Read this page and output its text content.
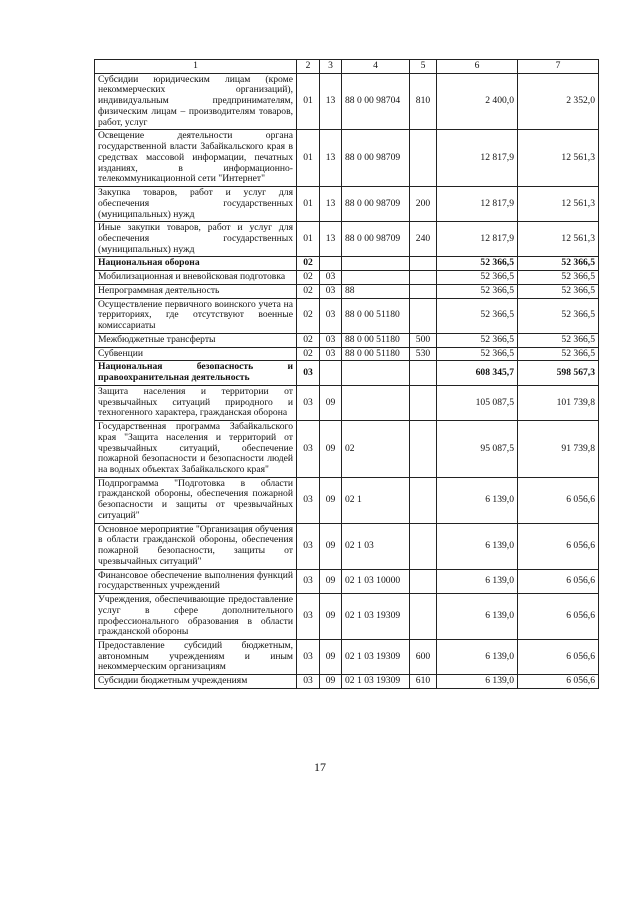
1	2	3	4	5	6	7
Субсидии юридическим лицам (кроме некоммерческих организаций), индивидуальным предпринимателям, физическим лицам – производителям товаров, работ, услуг	01	13	88 0 00 98704	810	2 400,0	2 352,0
Освещение деятельности органа государственной власти Забайкальского края в средствах массовой информации, печатных изданиях, в информационно-телекоммуникационной сети "Интернет"	01	13	88 0 00 98709		12 817,9	12 561,3
Закупка товаров, работ и услуг для обеспечения государственных (муниципальных) нужд	01	13	88 0 00 98709	200	12 817,9	12 561,3
Иные закупки товаров, работ и услуг для обеспечения государственных (муниципальных) нужд	01	13	88 0 00 98709	240	12 817,9	12 561,3
Национальная оборона	02				52 366,5	52 366,5
Мобилизационная и вневойсковая подготовка	02	03			52 366,5	52 366,5
Непрограммная деятельность	02	03	88		52 366,5	52 366,5
Осуществление первичного воинского учета на территориях, где отсутствуют военные комиссариаты	02	03	88 0 00 51180		52 366,5	52 366,5
Межбюджетные трансферты	02	03	88 0 00 51180	500	52 366,5	52 366,5
Субвенции	02	03	88 0 00 51180	530	52 366,5	52 366,5
Национальная безопасность и правоохранительная деятельность	03				608 345,7	598 567,3
Защита населения и территории от чрезвычайных ситуаций природного и техногенного характера, гражданская оборона	03	09			105 087,5	101 739,8
Государственная программа Забайкальского края "Защита населения и территорий от чрезвычайных ситуаций, обеспечение пожарной безопасности и безопасности людей на водных объектах Забайкальского края"	03	09	02		95 087,5	91 739,8
Подпрограмма "Подготовка в области гражданской обороны, обеспечения пожарной безопасности и защиты от чрезвычайных ситуаций"	03	09	02 1		6 139,0	6 056,6
Основное мероприятие "Организация обучения в области гражданской обороны, обеспечения пожарной безопасности, защиты от чрезвычайных ситуаций"	03	09	02 1 03		6 139,0	6 056,6
Финансовое обеспечение выполнения функций государственных учреждений	03	09	02 1 03 10000		6 139,0	6 056,6
Учреждения, обеспечивающие предоставление услуг в сфере дополнительного профессионального образования в области гражданской обороны	03	09	02 1 03 19309		6 139,0	6 056,6
Предоставление субсидий бюджетным, автономным учреждениям и иным некоммерческим организациям	03	09	02 1 03 19309	600	6 139,0	6 056,6
Субсидии бюджетным учреждениям	03	09	02 1 03 19309	610	6 139,0	6 056,6
17
